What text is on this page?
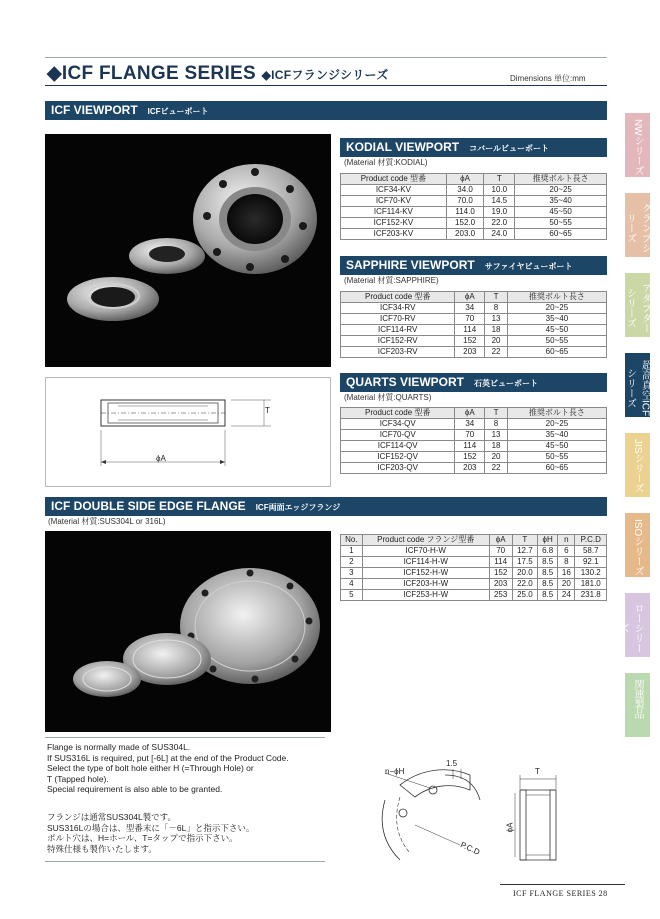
◆ICF FLANGE SERIES ◆ICFフランジシリーズ	Dimensions 単位:mm
ICF VIEWPORT ICFビューポート
KODIAL VIEWPORT コバールビューポート
(Material 材質:KODIAL)
Product code 型番	ϕA	T	推奨ボルト長さ
ICF34-KV	34.0	10.0	20~25
ICF70-KV	70.0	14.5	35~40
ICF114-KV	114.0	19.0	45~50
ICF152-KV	152.0	22.0	50~55
ICF203-KV	203.0	24.0	60~65
SAPPHIRE VIEWPORT サファイヤビューポート
(Material 材質:SAPPHIRE)
Product code 型番	ϕA	T	推奨ボルト長さ
ICF34-RV	34	8	20~25
ICF70-RV	70	13	35~40
ICF114-RV	114	18	45~50
ICF152-RV	152	20	50~55
ICF203-RV	203	22	60~65
T
ϕA
QUARTS VIEWPORT 石英ビューポート
(Material 材質:QUARTS)
Product code 型番	ϕA	T	推奨ボルト長さ
ICF34-QV	34	8	20~25
ICF70-QV	70	13	35~40
ICF114-QV	114	18	45~50
ICF152-QV	152	20	50~55
ICF203-QV	203	22	60~65
ICF DOUBLE SIDE EDGE FLANGE ICF両面エッジフランジ
(Material 材質:SUS304L or 316L)
No.	Product code フランジ型番	ϕA	T	ϕH	n	P.C.D
1	ICF70-H-W	70	12.7	6.8	6	58.7
2	ICF114-H-W	114	17.5	8.5	8	92.1
3	ICF152-H-W	152	20.0	8.5	16	130.2
4	ICF203-H-W	203	22.0	8.5	20	181.0
5	ICF253-H-W	253	25.0	8.5	24	231.8
Flange is normally made of SUS304L.
If SUS316L is required, put [-6L] at the end of the Product Code.
Select the type of bolt hole either H (=Through Hole) or
T (Tapped hole).
Special requirement is also able to be granted.
フランジは通常SUS304L製です。
SUS316Lの場合は、型番末に「－6L」と指示下さい。
ボルト穴は、H=ホール、T=タップで指示下さい。
特殊仕様も製作いたします。
n−ϕH
1.5
T
P.C.D
ϕA
NWシリーズ
クランプシリーズ
アダプターシリーズ
超高真空ICFシリーズ
JISシリーズ
ISOシリーズ
フレキ・ベローシリーズ
関連製品
ICF FLANGE SERIES 28
